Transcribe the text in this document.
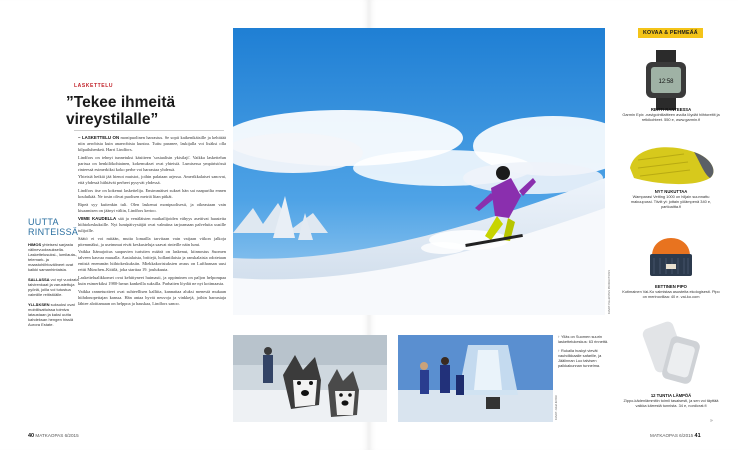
LASKETTELU
”Tekee ihmeitä vireystilalle”

– LASKETTELU ON monipuolinen harrastus. Se sopii kaikenikäisille ja kehittää niin aerobista kuin anaerobista kuntoa. Tuttu paranee, laskijalla voi lisäksi olla kilpailuhenkeä. Harri Lindfors.

Lindfors on tehnyt tunnetuksi käsitteen 'sosiaalisin ykisilaji'. Vaikka laskettelun parissa on henkilökohtainen, kokemukset ovat yhteisiä. Lumisessa ympäristössä rinteessä esimerkiksi koko perhe voi harrastaa yhdessä.

Yhteisiä hetkiä jää hienot muistot, joihin palataan arjessa. Amerikkalaiset sanovat, että yhdessä hiihtävät perheet pysyvät yhdessä.

Lindfors itse on kokenut laskettelija. Ensimmäiset sukset hän sai naapurilta ennen kouluikää. Ne tosin olivat puolisen metriä liian pitkät.

Ripeä syy kuitenkin tuli. Olen laskenut monipuolisesti, ja oikeastaan vain kisaamisen on jäänyt väliin, Lindfors kertoo.

VIIME KAUDELLA sää ja venäläisten matkailijoiden vähyys asettivat haasteita hiihtokeskuksille. Nyt lumipäivystäjät ovat valmiina tarjoamaan palveluita uusille tulijoille.

Säätö ei voi mitään, mutta lomailla tarvitaan vain vaijaan viikon jalkoja pitemmäksi, ja useimmat eivät keskusteluja saavat rinteille näin lumi.

Vaikka Itämajoitus saapuvien turistien määrä on laskenut, kiinnostus Suomen talveen kasvaa muualla. Aasialaista, brittejä, hollantilaisia ja ranskalaisia odotetaan entistä enemmän hiihtokeskuksiin. Miekkakoristuksien avaus on Lufthansan uusi reitti München–Kittilä, joka starttaa 19. joulukuuta.

Laskettelualikkomet ovat kehittyneet huimasti, ja oppiminen on paljon helpompaa kuin esimerkiksi 1980-luvun kankeilla suksilla. Parhaiten löydät ne nyt kotimaasta.

Vaikka rannetuotteet ovat suhteellisen kalliita, kannattaa aluksi menestä mukaan hiihdonopettajan kanssa. Hän antaa hyvät neuvoja ja vinkkejä, joihin harrastaja lähtee aloittamaan on helppoa ja hauskaa, Lindfors sanoo.

UUTTA RINTEISSÄ
HIMOS yhteisesi sarjasta välinevuokrauksella. Laskettelusuksi-, lumilauta-, telemark- ja maastohiihtovälineet ovat kaikki samanhintaisia.
SALLASSA voi nyt vuokrata talvirenkaat ja varustettuja pyöriä, joilla voi tutustua valmiille reitistöälle.
YLLÄKSEN suksuksi ovat mobiilisattuissa toimiva lataustaan ja kaksi uutta kahdeksan hengen hissiä Aurora Estate.
40 MATKAOPAS 6/2015
KUVAT: PALJASTEN PRODUCTIONS
KUVAT: JUHA KOSKI

↑ Ylläs on Suomen suurin laskettelukeskus: 63 rinnettä.

↑ Rukalla huskyt vievät vauhdikkaalle safarille, ja Jäälinnan Luo talvisen paikkakunnan tunnelma.

KOVAA & PEHMEÄÄ
12:58
REITTI RANTEESSA
Garmin Epix -navigointilaitteen avulla löydät hiihtoreitit ja retkikohteet. 550 e, www.garmin.fi
NYT NUKUTTAA
Wamparasi Vetting 1000 on hiljain suunnattu makuupussi. Tiiviit yt: jottain yölämpenä 340 e, partioaitta.fi
EETTINEN PIPO
Kotimainen Vai-Ko valmistaa asusteita ekologisesti. Pipo on merinovillaa: 40 e. vai-ko.com
12 TUNTIA LÄMPÖÄ
Zippo-kädenlämmitin toimii tasaisesti, ja sen voi täyttää vaikka kärrestä tunnista. 34 e, nordicrat.fi
»
MATKAOPAS 6/2015 41
